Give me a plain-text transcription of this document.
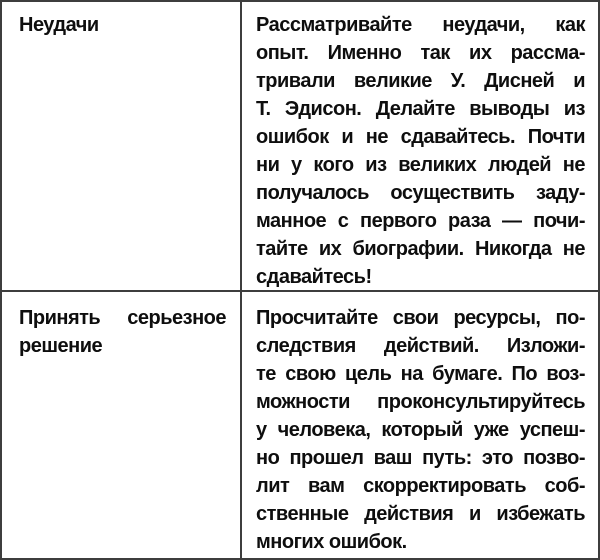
Неудачи	Рассматривайте неудачи, как
опыт. Именно так их рассма-
тривали великие У. Дисней и
Т. Эдисон. Делайте выводы из
ошибок и не сдавайтесь. Почти
ни у кого из великих людей не
получалось осуществить заду-
манное с первого раза — почи-
тайте их биографии. Никогда не
сдавайтесь!
Принять серьезное
решение
Просчитайте свои ресурсы, по-
следствия действий. Изложи-
те свою цель на бумаге. По воз-
можности проконсультируйтесь
у человека, который уже успеш-
но прошел ваш путь: это позво-
лит вам скорректировать соб-
ственные действия и избежать
многих ошибок.
